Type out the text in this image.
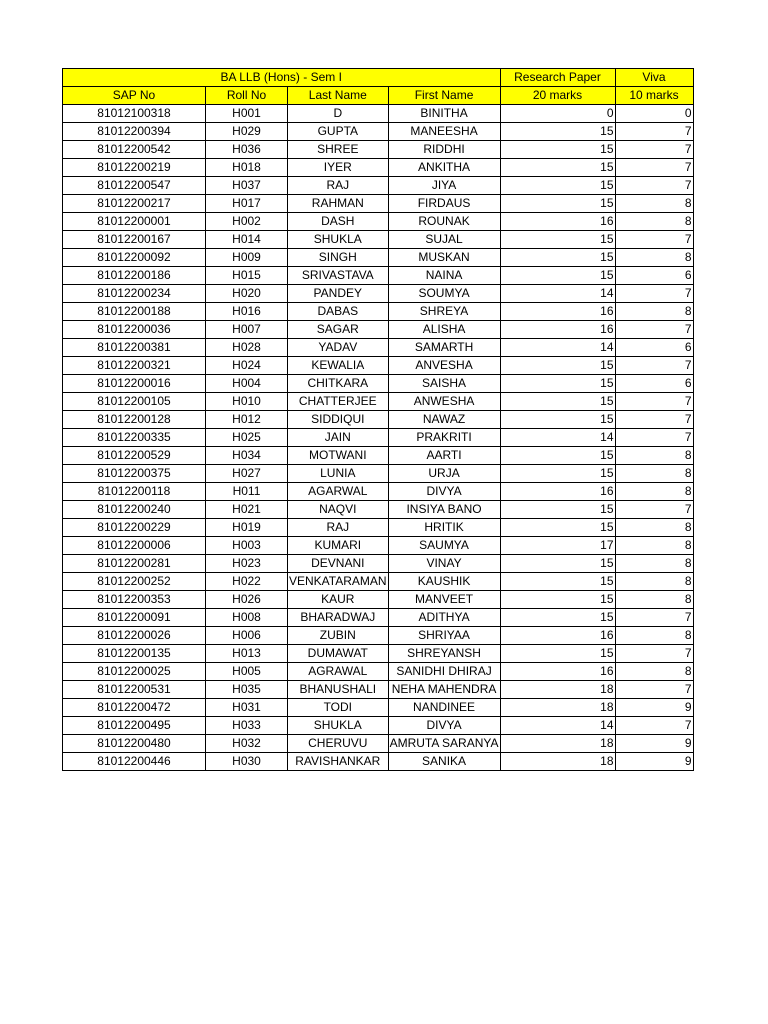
BA LLB (Hons) - Sem I				Research Paper	Viva
SAP No	Roll No	Last Name	First Name	20 marks	10 marks
81012100318	H001	D	BINITHA	0	0
81012200394	H029	GUPTA	MANEESHA	15	7
81012200542	H036	SHREE	RIDDHI	15	7
81012200219	H018	IYER	ANKITHA	15	7
81012200547	H037	RAJ	JIYA	15	7
81012200217	H017	RAHMAN	FIRDAUS	15	8
81012200001	H002	DASH	ROUNAK	16	8
81012200167	H014	SHUKLA	SUJAL	15	7
81012200092	H009	SINGH	MUSKAN	15	8
81012200186	H015	SRIVASTAVA	NAINA	15	6
81012200234	H020	PANDEY	SOUMYA	14	7
81012200188	H016	DABAS	SHREYA	16	8
81012200036	H007	SAGAR	ALISHA	16	7
81012200381	H028	YADAV	SAMARTH	14	6
81012200321	H024	KEWALIA	ANVESHA	15	7
81012200016	H004	CHITKARA	SAISHA	15	6
81012200105	H010	CHATTERJEE	ANWESHA	15	7
81012200128	H012	SIDDIQUI	NAWAZ	15	7
81012200335	H025	JAIN	PRAKRITI	14	7
81012200529	H034	MOTWANI	AARTI	15	8
81012200375	H027	LUNIA	URJA	15	8
81012200118	H011	AGARWAL	DIVYA	16	8
81012200240	H021	NAQVI	INSIYA BANO	15	7
81012200229	H019	RAJ	HRITIK	15	8
81012200006	H003	KUMARI	SAUMYA	17	8
81012200281	H023	DEVNANI	VINAY	15	8
81012200252	H022	VENKATARAMAN	KAUSHIK	15	8
81012200353	H026	KAUR	MANVEET	15	8
81012200091	H008	BHARADWAJ	ADITHYA	15	7
81012200026	H006	ZUBIN	SHRIYAA	16	8
81012200135	H013	DUMAWAT	SHREYANSH	15	7
81012200025	H005	AGRAWAL	SANIDHI DHIRAJ	16	8
81012200531	H035	BHANUSHALI	NEHA MAHENDRA	18	7
81012200472	H031	TODI	NANDINEE	18	9
81012200495	H033	SHUKLA	DIVYA	14	7
81012200480	H032	CHERUVU	AMRUTA SARANYA	18	9
81012200446	H030	RAVISHANKAR	SANIKA	18	9
